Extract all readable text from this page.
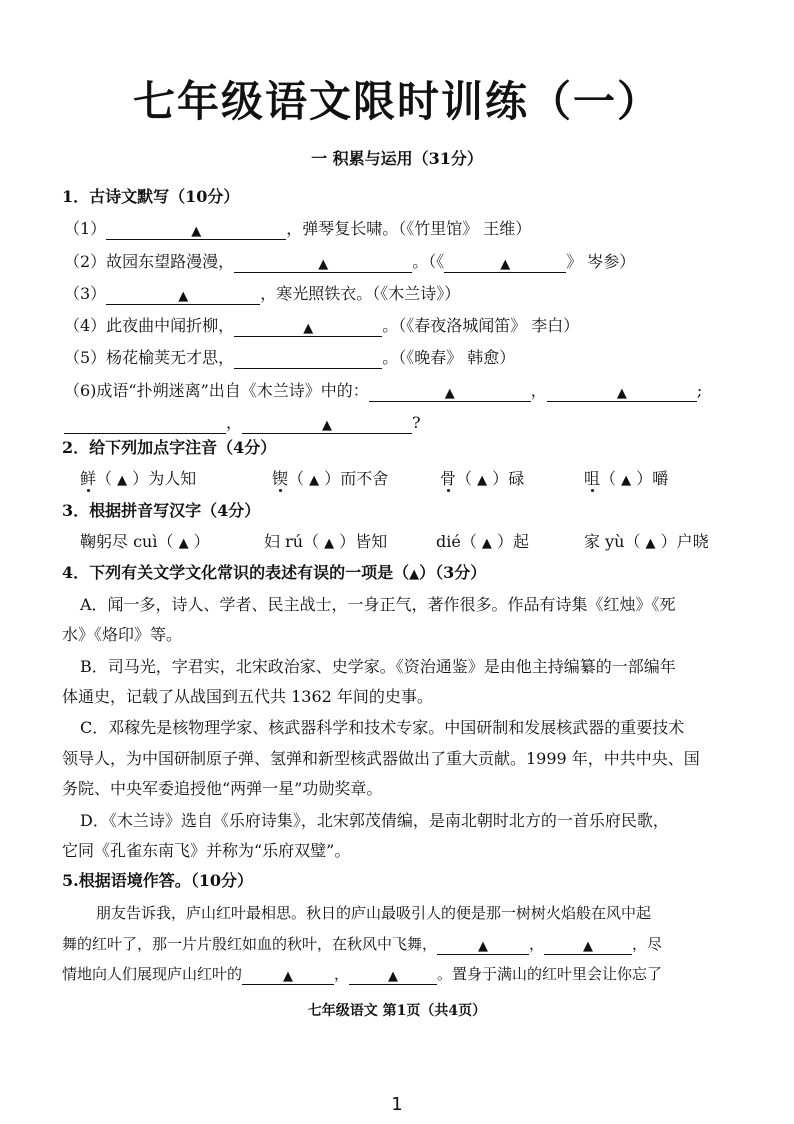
七年级语文限时训练（一）
一 积累与运用（31分）
1．古诗文默写（10分）
（1）	▲	，弹琴复长啸。（《竹里馆》 王维）
（2）故园东望路漫漫，	▲	。（《	▲	》 岑参）
（3）	▲	，寒光照铁衣。（《木兰诗》）
（4）此夜曲中闻折柳，	▲	。（《春夜洛城闻笛》 李白）
（5）杨花榆荚无才思，	。（《晚春》 韩愈）
（6)成语“扑朔迷离”出自《木兰诗》中的：	▲	，	▲	;
，	▲	?
2．给下列加点字注音（4分）
鲜（ ▲ ）为人知	锲（ ▲ ）而不舍	骨（ ▲ ）碌	咀（ ▲ ）嚼
3．根据拼音写汉字（4分）
鞠躬尽 cuì（ ▲ ）	妇 rú（ ▲ ）皆知	dié（ ▲ ）起	家 yù（ ▲ ）户晓
4．下列有关文学文化常识的表述有误的一项是（▲）（3分）
A．闻一多，诗人、学者、民主战士，一身正气，著作很多。作品有诗集《红烛》《死
水》《烙印》等。
B．司马光，字君实，北宋政治家、史学家。《资治通鉴》是由他主持编纂的一部编年
体通史，记载了从战国到五代共 1362 年间的史事。
C．邓稼先是核物理学家、核武器科学和技术专家。中国研制和发展核武器的重要技术
领导人，为中国研制原子弹、氢弹和新型核武器做出了重大贡献。1999 年，中共中央、国
务院、中央军委追授他“两弹一星”功勋奖章。
D．《木兰诗》选自《乐府诗集》，北宋郭茂倩编，是南北朝时北方的一首乐府民歌，
它同《孔雀东南飞》并称为“乐府双璧”。
5.根据语境作答。（10分）
朋友告诉我，庐山红叶最相思。秋日的庐山最吸引人的便是那一树树火焰般在风中起
舞的红叶了，那一片片殷红如血的秋叶，在秋风中飞舞，	▲	，	▲	，尽
情地向人们展现庐山红叶的	▲	，	▲	。置身于满山的红叶里会让你忘了
七年级语文 第1页（共4页）
1
